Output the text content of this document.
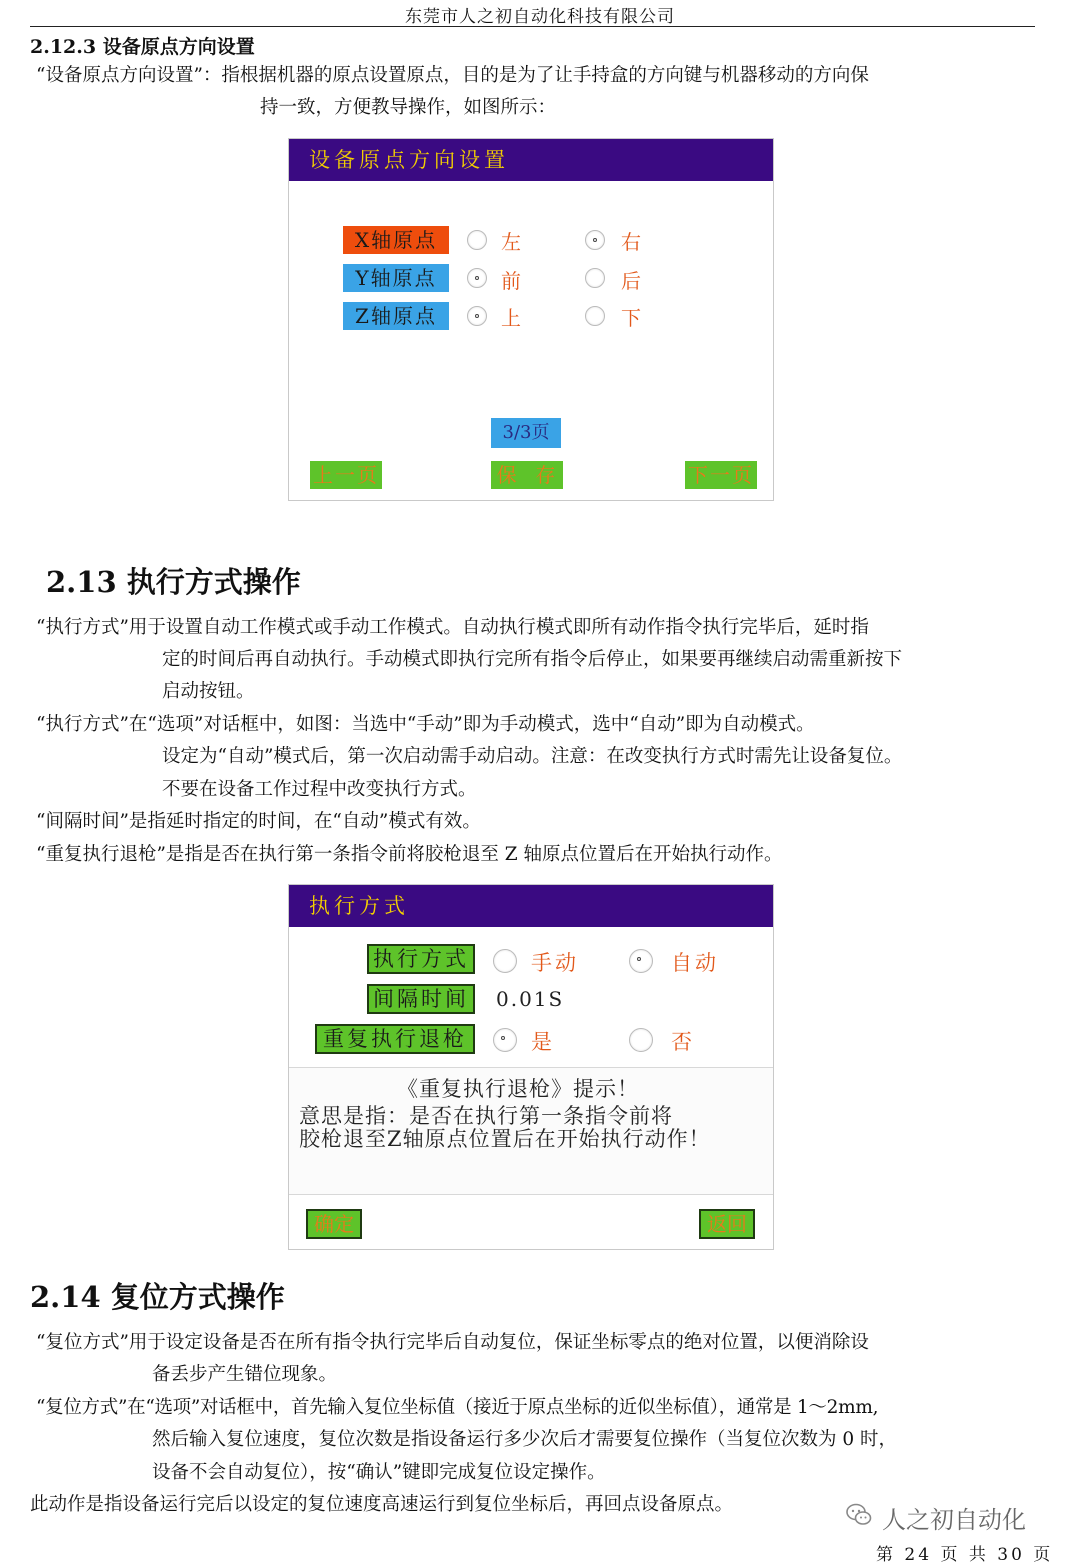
东莞市人之初自动化科技有限公司
2.12.3 设备原点方向设置
“设备原点方向设置”：指根据机器的原点设置原点，目的是为了让手持盒的方向键与机器移动的方向保
持一致，方便教导操作，如图所示：
设备原点方向设置
X轴原点	左	右
Y轴原点	前	后
Z轴原点	上	下
3/3页
上一页	保  存	下一页
2.13 执行方式操作
“执行方式”用于设置自动工作模式或手动工作模式。自动执行模式即所有动作指令执行完毕后，延时指
定的时间后再自动执行。手动模式即执行完所有指令后停止，如果要再继续启动需重新按下
启动按钮。
“执行方式”在“选项”对话框中，如图：当选中“手动”即为手动模式，选中“自动”即为自动模式。
设定为“自动”模式后，第一次启动需手动启动。注意：在改变执行方式时需先让设备复位。
不要在设备工作过程中改变执行方式。
“间隔时间”是指延时指定的时间，在“自动”模式有效。
“重复执行退枪”是指是否在执行第一条指令前将胶枪退至 Z 轴原点位置后在开始执行动作。
执行方式
执行方式	手动	自动
间隔时间	0.01S
重复执行退枪	是	否
《重复执行退枪》提示！
意思是指：是否在执行第一条指令前将
胶枪退至Z轴原点位置后在开始执行动作！
确定	返回
2.14 复位方式操作
“复位方式”用于设定设备是否在所有指令执行完毕后自动复位，保证坐标零点的绝对位置，以便消除设
备丢步产生错位现象。
“复位方式”在“选项”对话框中，首先输入复位坐标值（接近于原点坐标的近似坐标值），通常是 1～2mm,
然后输入复位速度，复位次数是指设备运行多少次后才需要复位操作（当复位次数为 0 时，
设备不会自动复位），按“确认”键即完成复位设定操作。
此动作是指设备运行完后以设定的复位速度高速运行到复位坐标后，再回点设备原点。
人之初自动化
第 24 页 共 30 页
